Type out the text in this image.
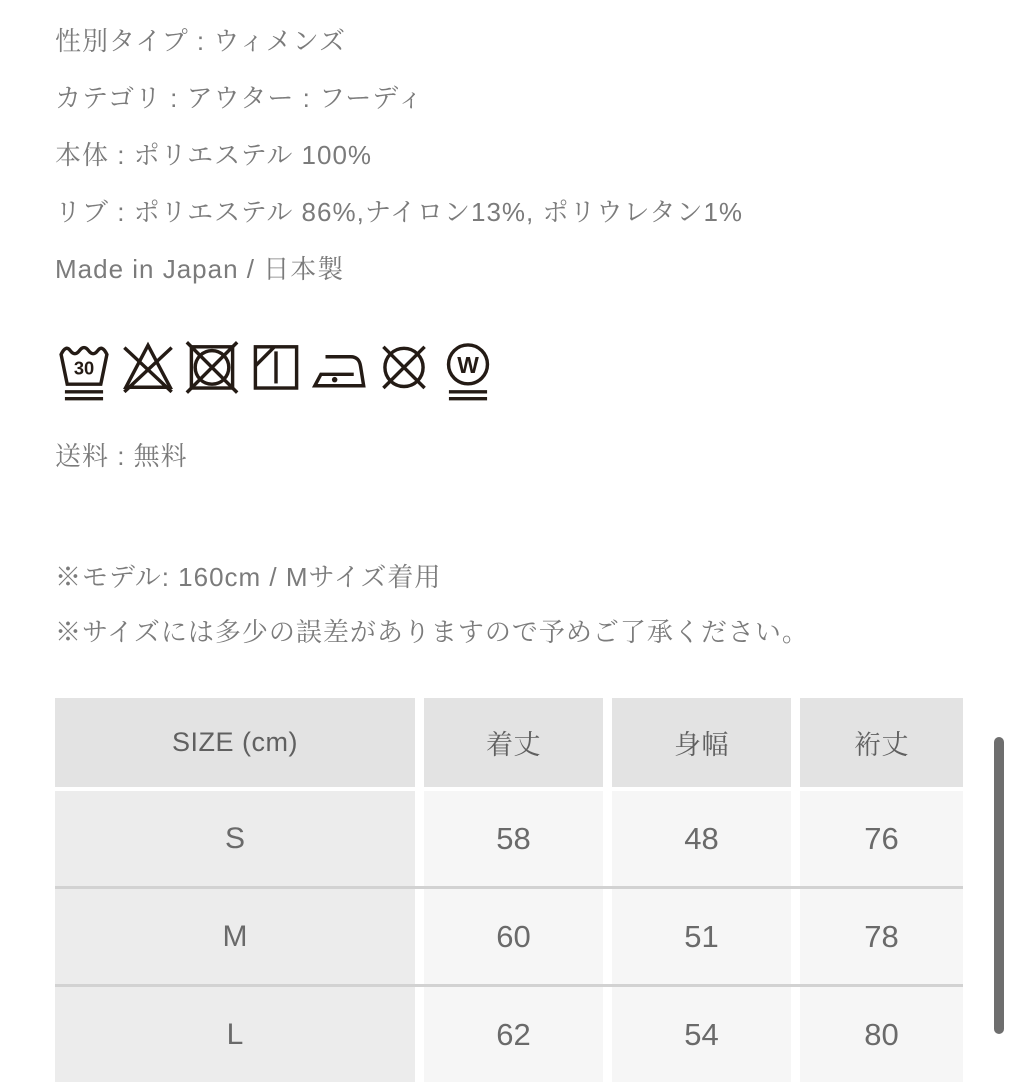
性別タイプ : ウィメンズ

カテゴリ : アウター : フーディ

本体 : ポリエステル 100%

リブ : ポリエステル 86%,ナイロン13%, ポリウレタン1%

Made in Japan / 日本製

30	W

送料 : 無料

※モデル: 160cm / Mサイズ着用

※サイズには多少の誤差がありますので予めご了承ください。

SIZE (cm)	着丈	身幅	裄丈
S	58	48	76
M	60	51	78
L	62	54	80
